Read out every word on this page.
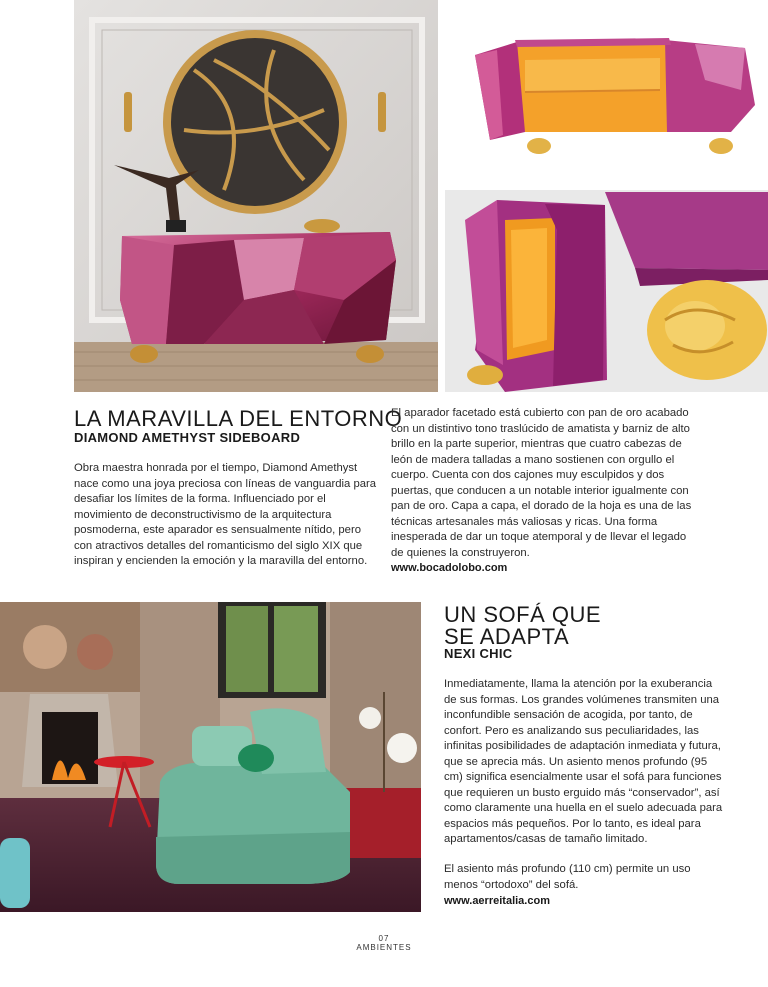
LA MARAVILLA DEL ENTORNO
DIAMOND AMETHYST SIDEBOARD

Obra maestra honrada por el tiempo, Diamond Amethyst nace como una joya preciosa con líneas de vanguardia para desafiar los límites de la forma. Influenciado por el movimiento de deconstructivismo de la arquitectura posmoderna, este aparador es sensualmente nítido, pero con atractivos detalles del romanticismo del siglo XIX que inspiran y encienden la emoción y la maravilla del entorno.

El aparador facetado está cubierto con pan de oro acabado con un distintivo tono traslúcido de amatista y barniz de alto brillo en la parte superior, mientras que cuatro cabezas de león de madera talladas a mano sostienen con orgullo el cuerpo. Cuenta con dos cajones muy esculpidos y dos puertas, que conducen a un notable interior igualmente con pan de oro. Capa a capa, el dorado de la hoja es una de las técnicas artesanales más valiosas y ricas. Una forma inesperada de dar un toque atemporal y de llevar el legado de quienes la construyeron.

www.bocadolobo.com
UN SOFÁ QUE
SE ADAPTA
NEXI CHIC

Inmediatamente, llama la atención por la exuberancia de sus formas. Los grandes volúmenes transmiten una inconfundible sensación de acogida, por tanto, de confort. Pero es analizando sus peculiaridades, las infinitas posibilidades de adaptación inmediata y futura, que se aprecia más. Un asiento menos profundo (95 cm) significa esencialmente usar el sofá para funciones que requieren un busto erguido más “conservador”, así como claramente una huella en el suelo adecuada para espacios más pequeños. Por lo tanto, es ideal para apartamentos/casas de tamaño limitado.

El asiento más profundo (110 cm) permite un uso menos “ortodoxo” del sofá.

www.aerreitalia.com
07
AMBIENTES
